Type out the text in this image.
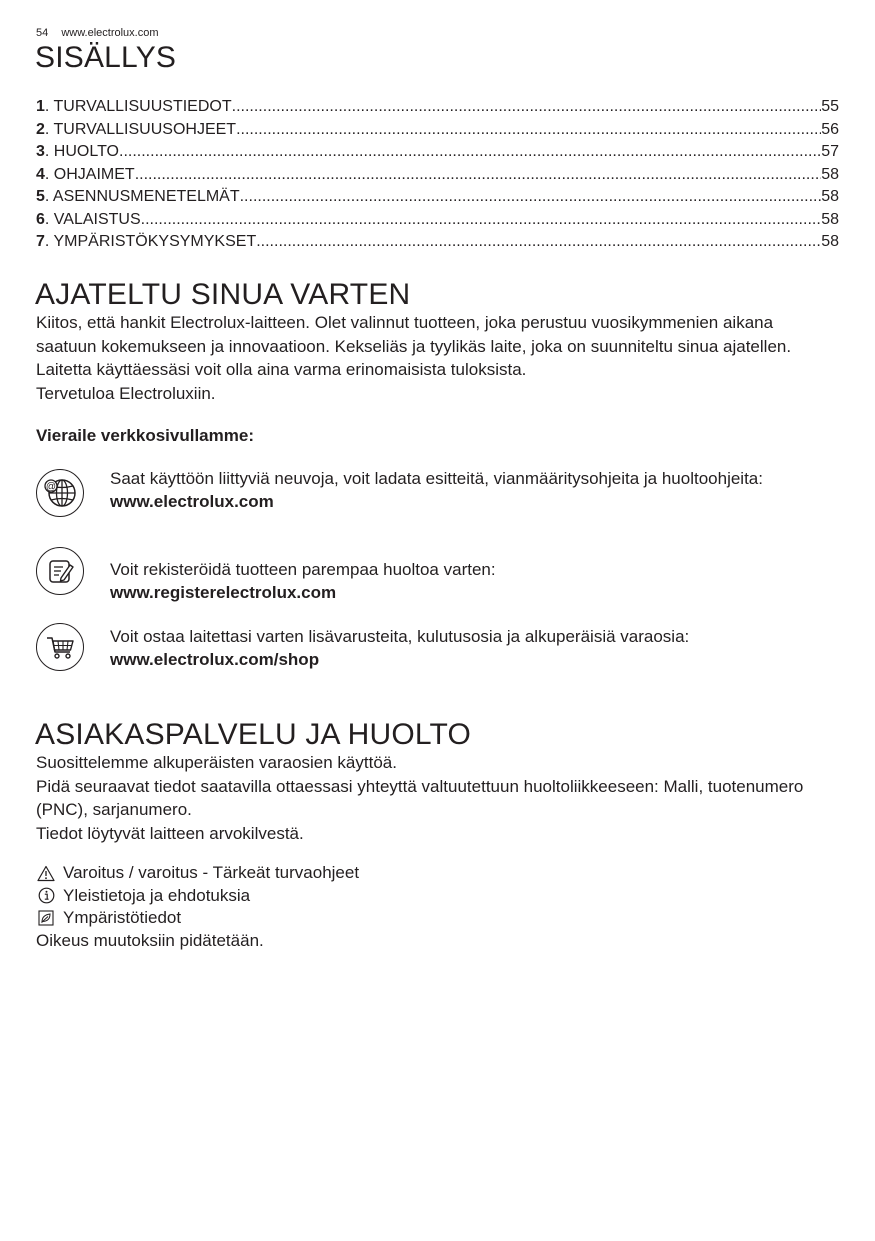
54 www.electrolux.com
SISÄLLYS
1 . TURVALLISUUSTIEDOT .....	55
2 . TURVALLISUUSOHJEET .....	56
3 . HUOLTO .....	57
4 . OHJAIMET .....	58
5 . ASENNUSMENETELMÄT .....	58
6 . VALAISTUS .....	58
7 . YMPÄRISTÖKYSYMYKSET .....	58
AJATELTU SINUA VARTEN
Kiitos, että hankit Electrolux-laitteen. Olet valinnut tuotteen, joka perustuu vuosikymmenien aikana saatuun kokemukseen ja innovaatioon. Kekseliäs ja tyylikäs laite, joka on suunniteltu sinua ajatellen. Laitetta käyttäessäsi voit olla aina varma erinomaisista tuloksista.
Tervetuloa Electroluxiin.
Vieraile verkkosivullamme:
@	Saat käyttöön liittyviä neuvoja, voit ladata esitteitä, vianmääritysohjeita ja huoltoohjeita:
www.electrolux.com
Voit rekisteröidä tuotteen parempaa huoltoa varten:
www.registerelectrolux.com
Voit ostaa laitettasi varten lisävarusteita, kulutusosia ja alkuperäisiä varaosia:
www.electrolux.com/shop
ASIAKASPALVELU JA HUOLTO
Suosittelemme alkuperäisten varaosien käyttöä.
Pidä seuraavat tiedot saatavilla ottaessasi yhteyttä valtuutettuun huoltoliikkeeseen: Malli, tuotenumero (PNC), sarjanumero.
Tiedot löytyvät laitteen arvokilvestä.
Varoitus / varoitus - Tärkeät turvaohjeet
Yleistietoja ja ehdotuksia
Ympäristötiedot
Oikeus muutoksiin pidätetään.
